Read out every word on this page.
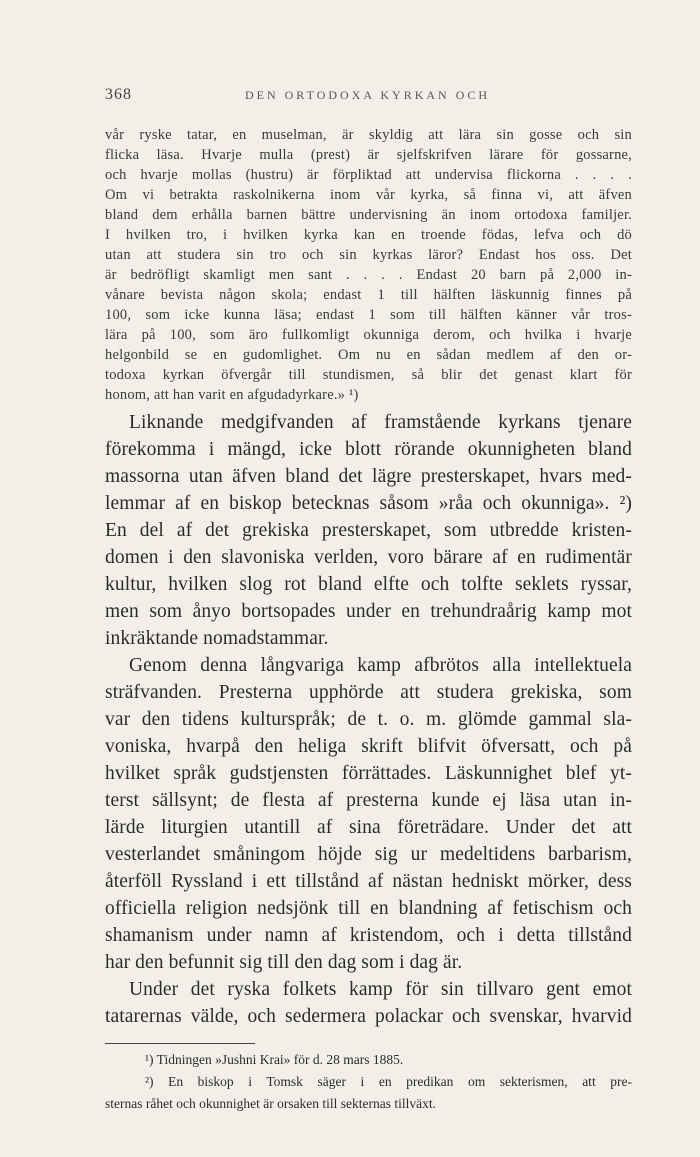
368	DEN ORTODOXA KYRKAN OCH
vår ryske tatar, en muselman, är skyldig att lära sin gosse och sin
flicka läsa. Hvarje mulla (prest) är sjelfskrifven lärare för gossarne,
och hvarje mollas (hustru) är förpliktad att undervisa flickorna . . . .
Om vi betrakta raskolnikerna inom vår kyrka, så finna vi, att äfven
bland dem erhålla barnen bättre undervisning än inom ortodoxa familjer.
I hvilken tro, i hvilken kyrka kan en troende födas, lefva och dö
utan att studera sin tro och sin kyrkas läror? Endast hos oss. Det
är bedröfligt skamligt men sant . . . . Endast 20 barn på 2,000 in-
vånare bevista någon skola; endast 1 till hälften läskunnig finnes på
100, som icke kunna läsa; endast 1 som till hälften känner vår tros-
lära på 100, som äro fullkomligt okunniga derom, och hvilka i hvarje
helgonbild se en gudomlighet. Om nu en sådan medlem af den or-
todoxa kyrkan öfvergår till stundismen, så blir det genast klart för
honom, att han varit en afgudadyrkare.» ¹)
Liknande medgifvanden af framstående kyrkans tjenare
förekomma i mängd, icke blott rörande okunnigheten bland
massorna utan äfven bland det lägre presterskapet, hvars med-
lemmar af en biskop betecknas såsom »råa och okunniga». ²)
En del af det grekiska presterskapet, som utbredde kristen-
domen i den slavoniska verlden, voro bärare af en rudimentär
kultur, hvilken slog rot bland elfte och tolfte seklets ryssar,
men som ånyo bortsopades under en trehundraårig kamp mot
inkräktande nomadstammar.
Genom denna långvariga kamp afbrötos alla intellektuela
sträfvanden. Presterna upphörde att studera grekiska, som
var den tidens kulturspråk; de t. o. m. glömde gammal sla-
voniska, hvarpå den heliga skrift blifvit öfversatt, och på
hvilket språk gudstjensten förrättades. Läskunnighet blef yt-
terst sällsynt; de flesta af presterna kunde ej läsa utan in-
lärde liturgien utantill af sina företrädare. Under det att
vesterlandet småningom höjde sig ur medeltidens barbarism,
återföll Ryssland i ett tillstånd af nästan hedniskt mörker, dess
officiella religion nedsjönk till en blandning af fetischism och
shamanism under namn af kristendom, och i detta tillstånd
har den befunnit sig till den dag som i dag är.
Under det ryska folkets kamp för sin tillvaro gent emot
tatarernas välde, och sedermera polackar och svenskar, hvarvid
¹) Tidningen »Jushni Krai» för d. 28 mars 1885.
²) En biskop i Tomsk säger i en predikan om sekterismen, att pre-
sternas råhet och okunnighet är orsaken till sekternas tillväxt.
